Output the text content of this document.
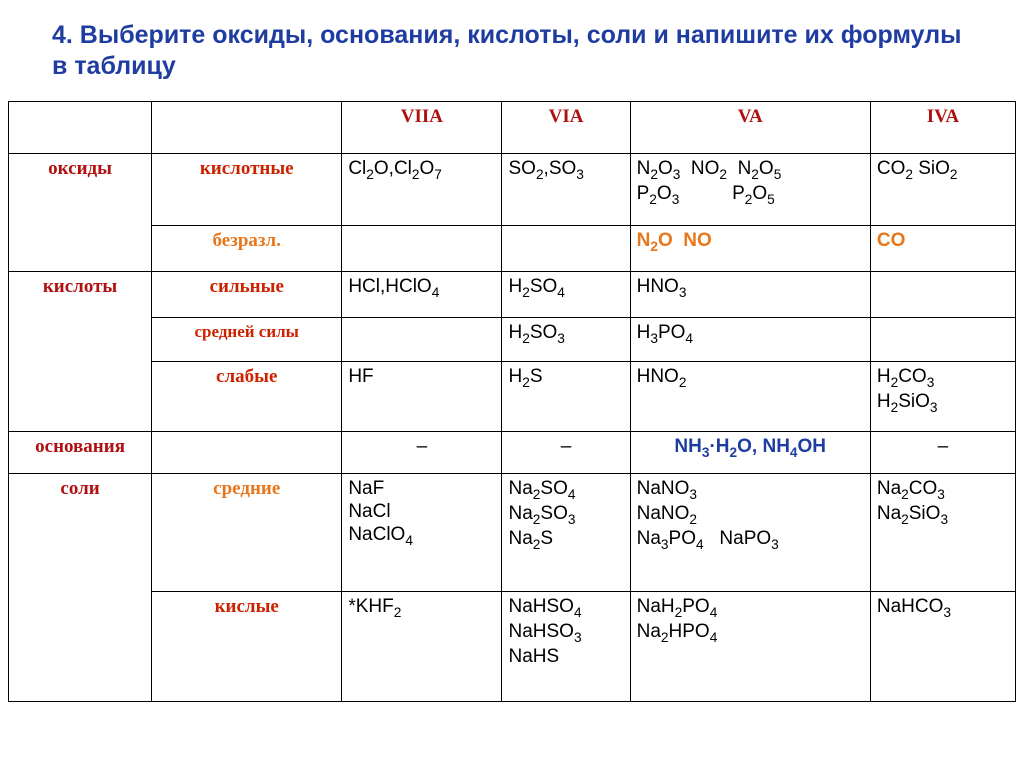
4. Выберите оксиды, основания, кислоты, соли и напишите их формулы в таблицу
		VIIA	VIA	VA	IVA
оксиды	кислотные	$Cl_2O,Cl_2O_7$	$SO_2,SO_3$	$N_2O_3$  $NO_2$  $N_2O_5$
$P_2O_3$          $P_2O_5$	$CO_2$ SiO$_2$
	безразл.			$N_2O$  NO	CO
кислоты	сильные	HCl,HClO$_4$	$H_2SO_4$	$HNO_3$	
	средней силы		$H_2SO_3$	$H_3PO_4$	
	слабые	HF	$H_2S$	$HNO_2$	$H_2CO_3$
$H_2SiO_3$

основания		–	–	$NH_3\cdot H_2O$, $NH_4OH$	–
соли	средние	NaF
NaCl
NaClO$_4$	$Na_2SO_4$
$Na_2SO_3$
$Na_2S$	NaNO$_3$
NaNO$_2$
$Na_3PO_4$   NaPO$_3$	$Na_2CO_3$
$Na_2SiO_3$

	кислые	$*KHF_2$	NaHSO$_4$
NaHSO$_3$
NaHS	$NaH_2PO_4$
$Na_2HPO_4$	NaHCO$_3$
